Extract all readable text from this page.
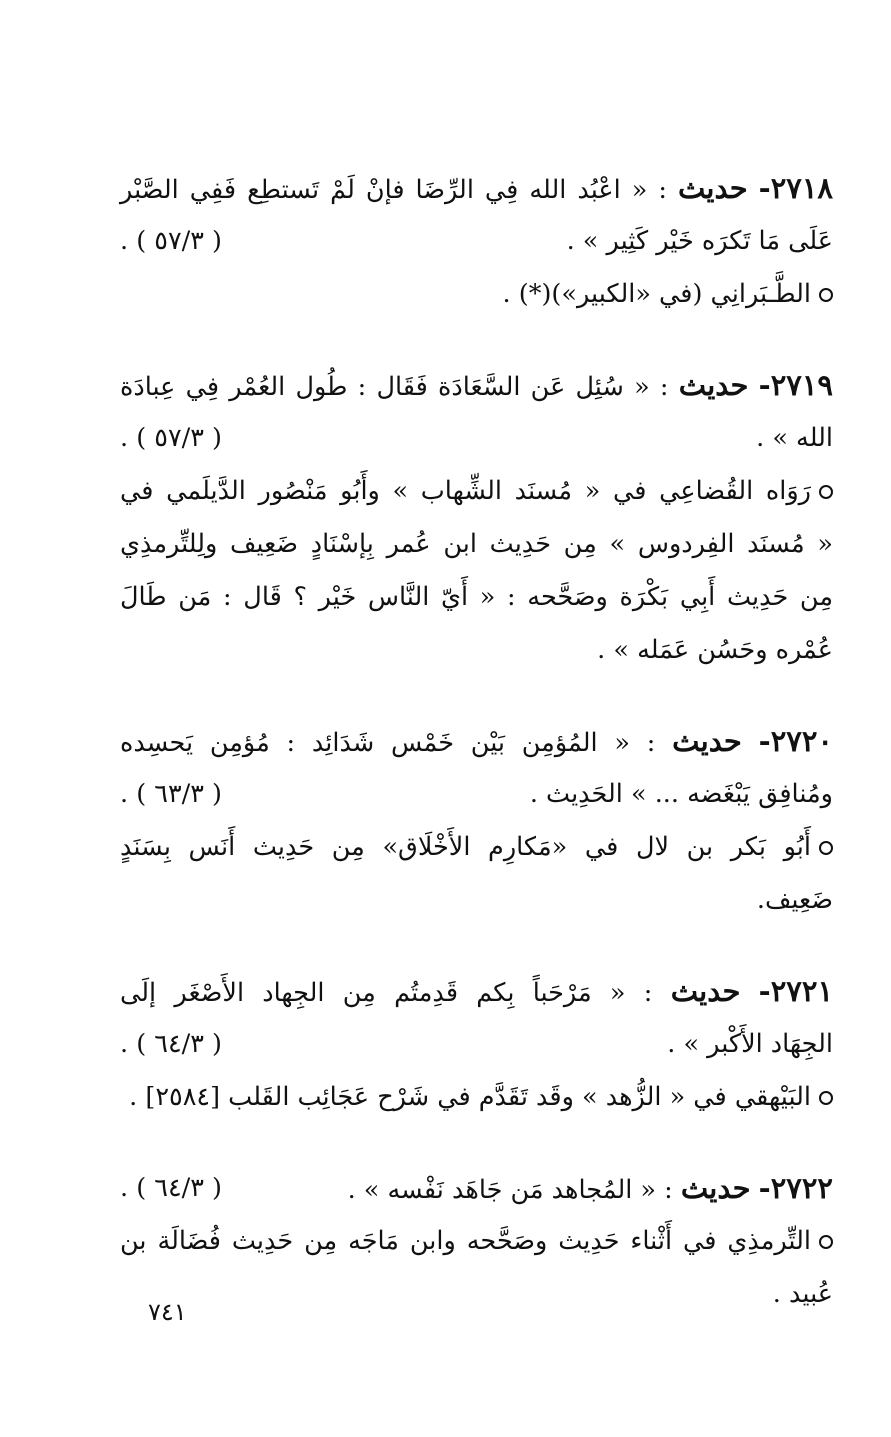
٢٧١٨- حديث : « اعْبُد الله فِي الرِّضَا فإنْ لَمْ تَستطِع فَفِي الصَّبْر
عَلَى مَا تَكرَه خَيْر كَثِير » .
( ٥٧/٣ ) .
الطَّـبَرانِي (في «الكبير»)(*) .
٢٧١٩- حديث : « سُئِل عَن السَّعَادَة فَقَال : طُول العُمْر فِي عِبادَة
الله » .
( ٥٧/٣ ) .
رَوَاه القُضاعِي في « مُسنَد الشِّهاب » وأَبُو مَنْصُور الدَّيلَمي في
« مُسنَد الفِردوس » مِن حَدِيث ابن عُمر بِإسْنَادٍ ضَعِيف ولِلتِّرمذِي
مِن حَدِيث أَبِي بَكْرَة وصَحَّحه : « أَيّ النَّاس خَيْر ؟ قَال : مَن طَالَ
عُمْره وحَسُن عَمَله » .
٢٧٢٠- حديث : « المُؤمِن بَيْن خَمْس شَدَائِد : مُؤمِن يَحسِده
ومُنافِق يَبْغَضه ... » الحَدِيث .
( ٦٣/٣ ) .
أَبُو بَكر بن لال في «مَكارِم الأَخْلَاق» مِن حَدِيث أَنَس بِسَنَدٍ
ضَعِيف.
٢٧٢١- حديث : « مَرْحَباً بِكم قَدِمتُم مِن الجِهاد الأَصْغَر إلَى
الجِهَاد الأَكْبر » .
( ٦٤/٣ ) .
البَيْهقي في « الزُّهد » وقَد تَقَدَّم في شَرْح عَجَائِب القَلب [٢٥٨٤] .
٢٧٢٢- حديث : « المُجاهد مَن جَاهَد نَفْسه » .
( ٦٤/٣ ) .
التِّرمذِي في أَثْناء حَدِيث وصَحَّحه وابن مَاجَه مِن حَدِيث فُضَالَة بن
عُبيد .
٧٤١
